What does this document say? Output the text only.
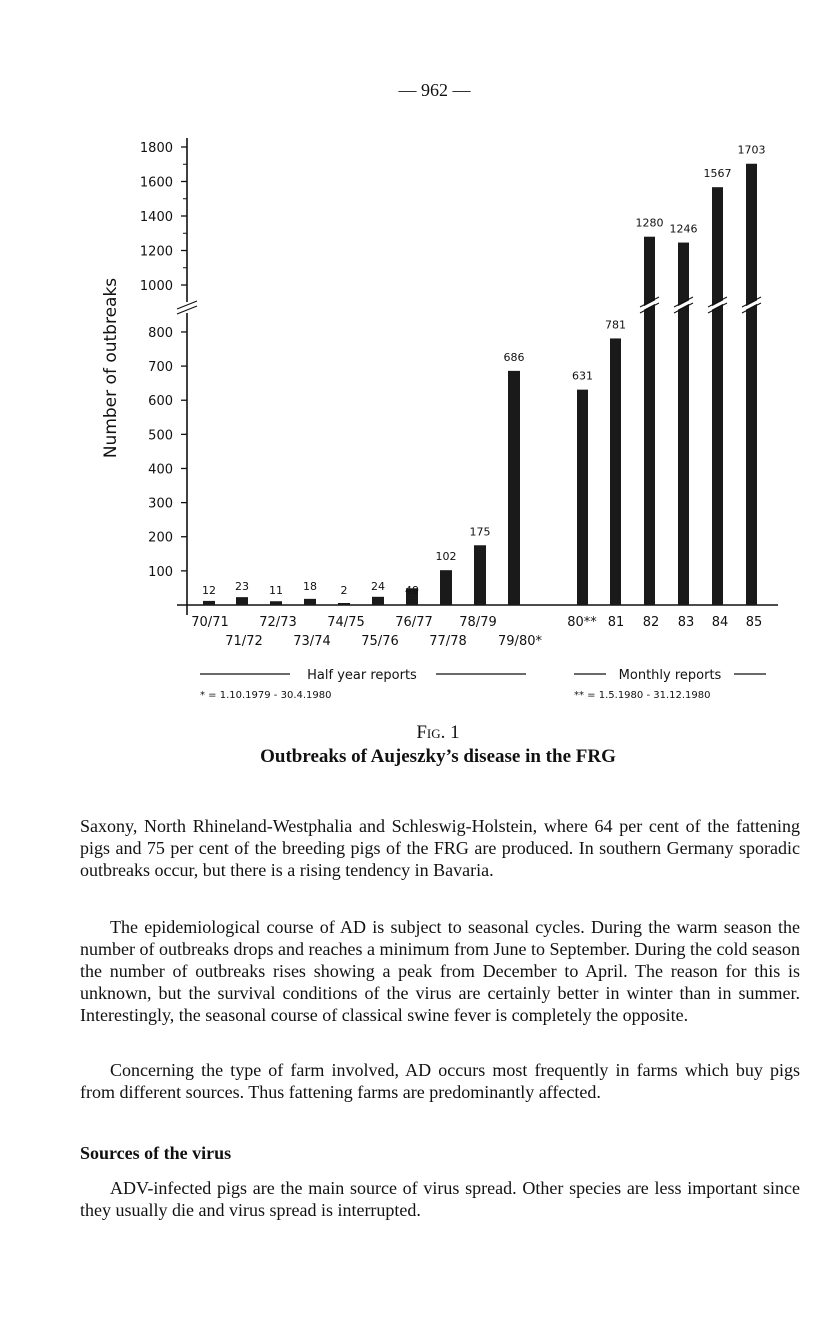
— 962 —
Number of outbreaks
100
200
300
400
500
600
700
800
1000
1200
1400
1600
1800
12 23 11 18 2 24 49
102
175
686
631
781
1280 1246
1567
1703
70/71
71/72
72/73
73/74
74/75
75/76
76/77
77/78
78/79
79/80*
80** 81 82 83 84 85
Half year reports	Monthly reports
* = 1.10.1979 - 30.4.1980	** = 1.5.1980 - 31.12.1980
Fig. 1
Outbreaks of Aujeszky’s disease in the FRG

Saxony, North Rhineland-Westphalia and Schleswig-Holstein, where 64 per cent of the fattening pigs and 75 per cent of the breeding pigs of the FRG are produced. In southern Germany sporadic outbreaks occur, but there is a rising tendency in Bavaria.

The epidemiological course of AD is subject to seasonal cycles. During the warm season the number of outbreaks drops and reaches a minimum from June to September. During the cold season the number of outbreaks rises showing a peak from December to April. The reason for this is unknown, but the survival conditions of the virus are certainly better in winter than in summer. Interestingly, the seasonal course of classical swine fever is completely the opposite.

Concerning the type of farm involved, AD occurs most frequently in farms which buy pigs from different sources. Thus fattening farms are predominantly affected.

Sources of the virus

ADV-infected pigs are the main source of virus spread. Other species are less important since they usually die and virus spread is interrupted.
